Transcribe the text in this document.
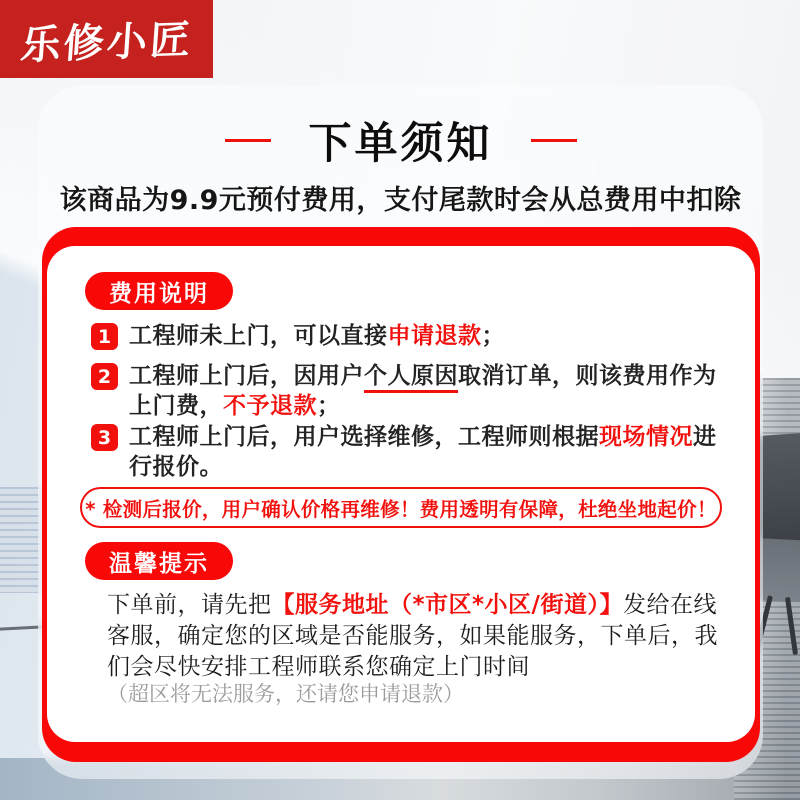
乐修小匠
下单须知
该商品为9.9元预付费用，支付尾款时会从总费用中扣除
费用说明
1 工程师未上门，可以直接申请退款；

2 工程师上门后，因用户个人原因取消订单，则该费用作为上门费，不予退款；

3 工程师上门后，用户选择维修，工程师则根据现场情况进行报价。

* 检测后报价，用户确认价格再维修！费用透明有保障，杜绝坐地起价！
温馨提示

下单前，请先把【服务地址（*市区*小区/街道）】发给在线客服，确定您的区域是否能服务，如果能服务，下单后，我们会尽快安排工程师联系您确定上门时间

（超区将无法服务，还请您申请退款）
